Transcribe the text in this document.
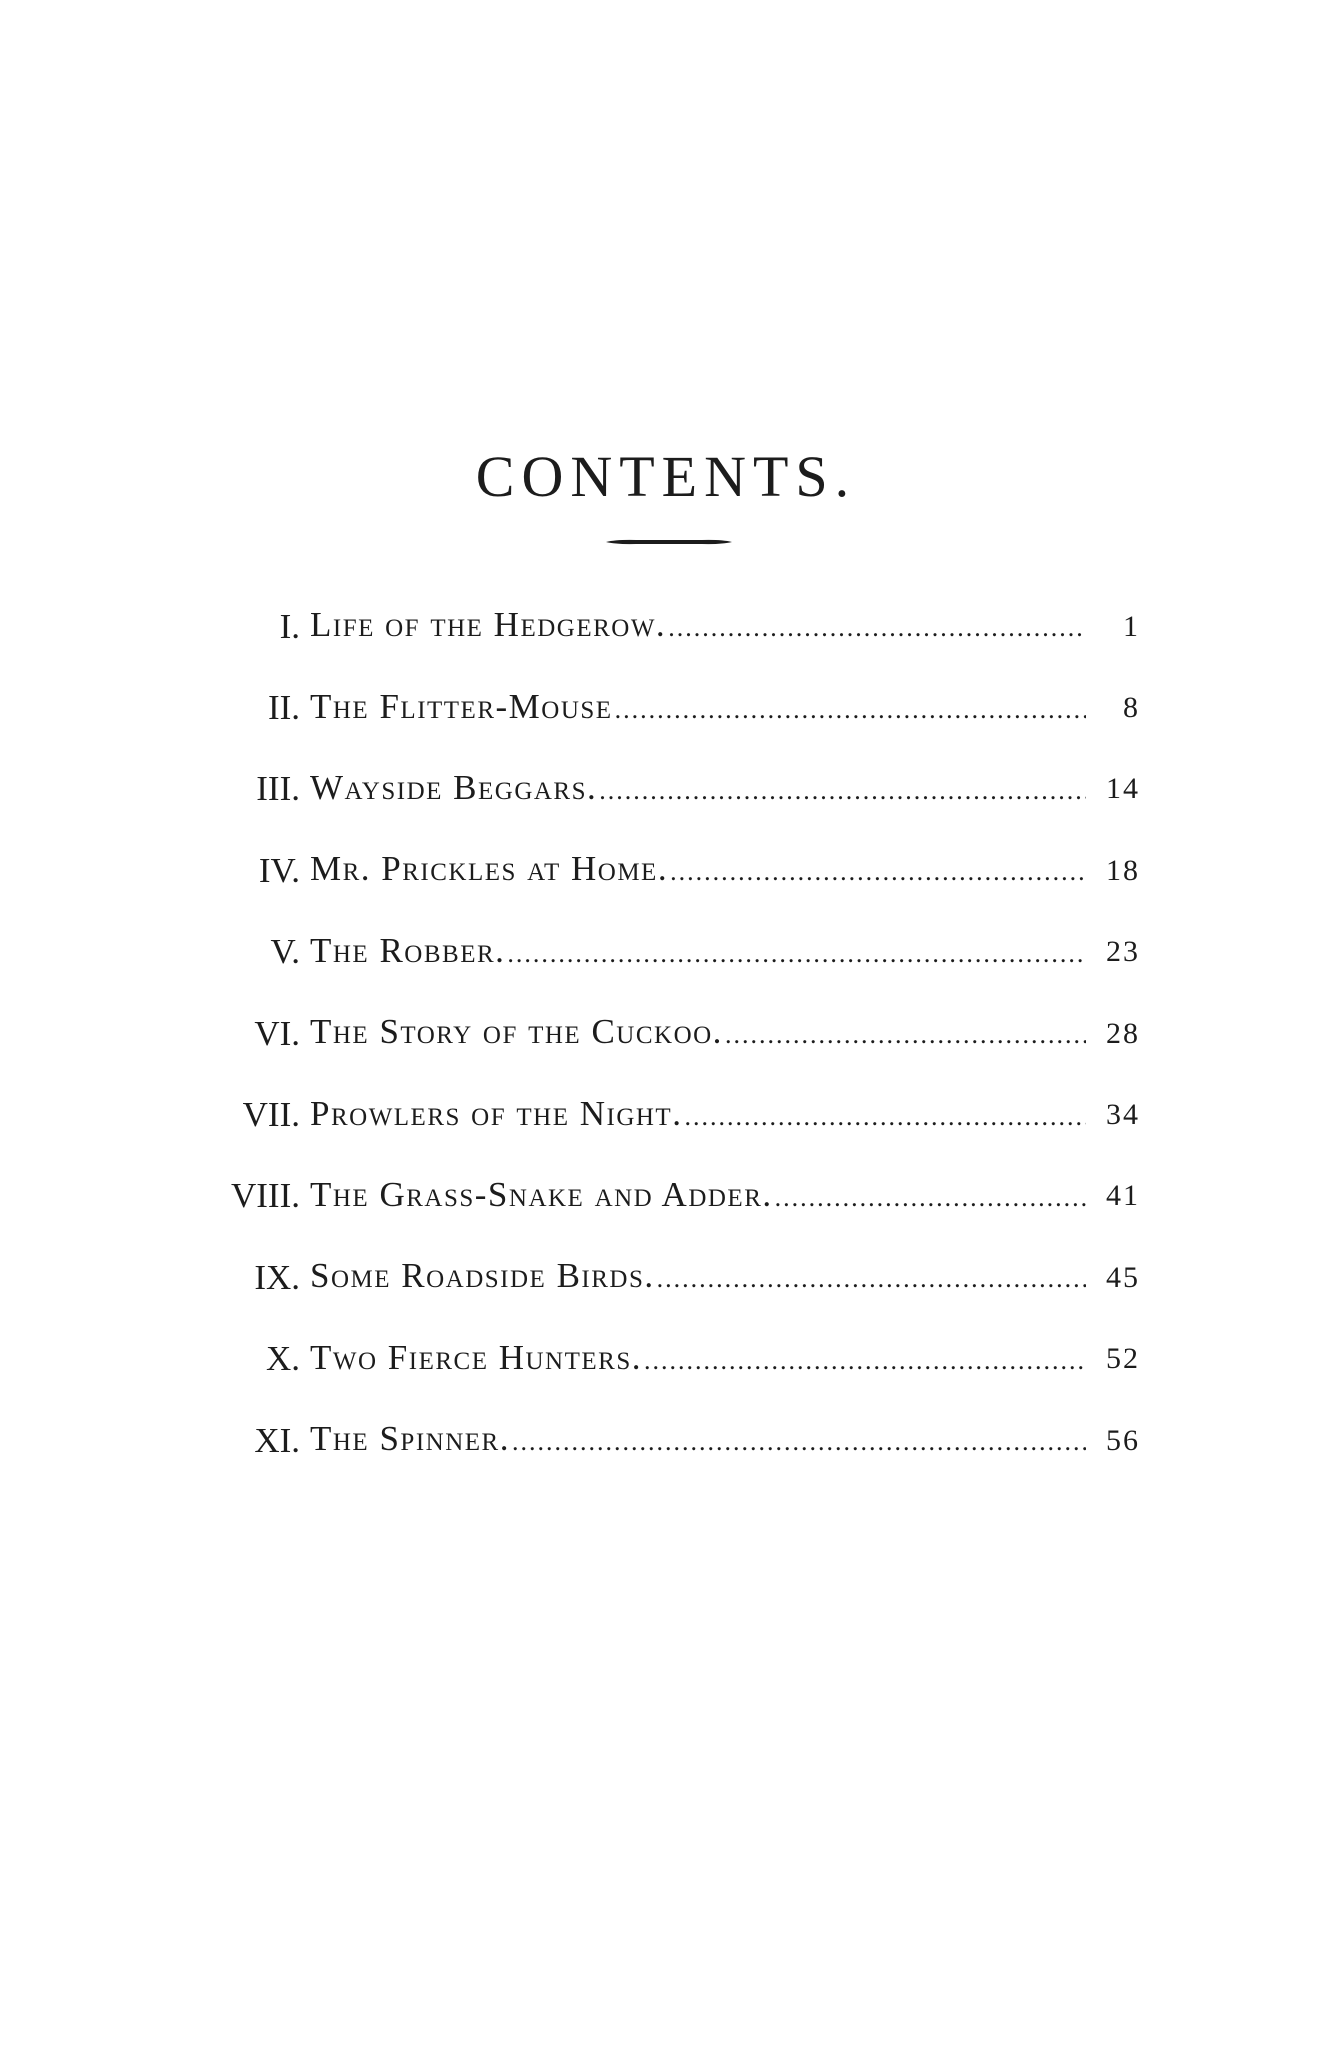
CONTENTS.
I. Life of the Hedgerow. .....	1
II. The Flitter-Mouse .....	8
III. Wayside Beggars. .....	14
IV. Mr. Prickles at Home. .....	18
V. The Robber. .....	23
VI. The Story of the Cuckoo. .....	28
VII. Prowlers of the Night. .....	34
VIII. The Grass-Snake and Adder. .....	41
IX. Some Roadside Birds. .....	45
X. Two Fierce Hunters. .....	52
XI. The Spinner. .....	56
